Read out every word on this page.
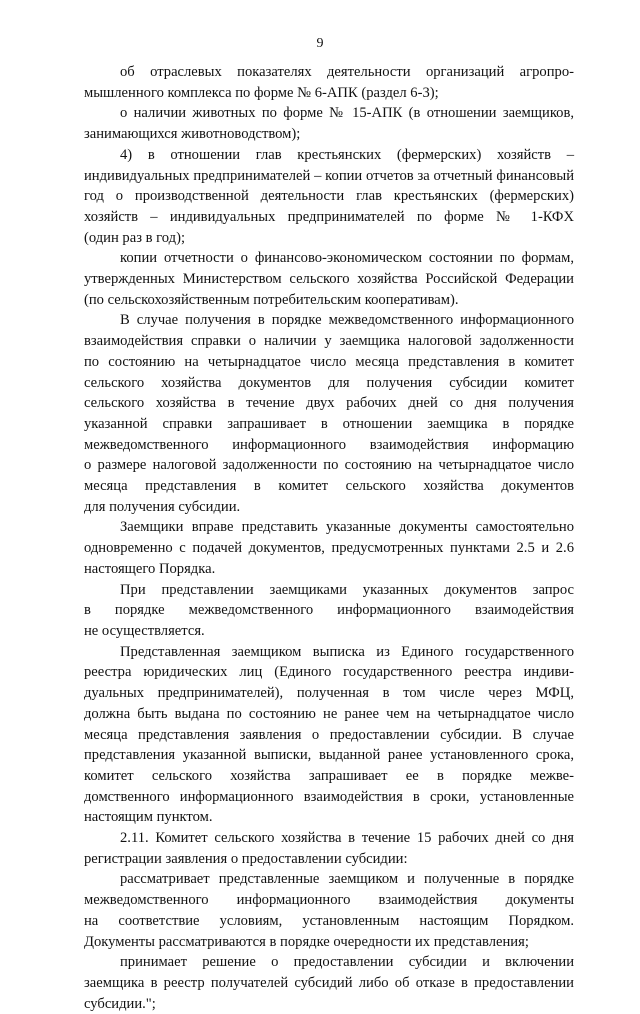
9

об отраслевых показателях деятельности организаций агропро-
мышленного комплекса по форме № 6-АПК (раздел 6-3);

о наличии животных по форме № 15-АПК (в отношении заемщиков,
занимающихся животноводством);

4) в отношении глав крестьянских (фермерских) хозяйств –
индивидуальных предпринимателей – копии отчетов за отчетный финансовый
год о производственной деятельности глав крестьянских (фермерских)
хозяйств – индивидуальных предпринимателей по форме № 1-КФХ
(один раз в год);

копии отчетности о финансово-экономическом состоянии по формам,
утвержденных Министерством сельского хозяйства Российской Федерации
(по сельскохозяйственным потребительским кооперативам).

В случае получения в порядке межведомственного информационного
взаимодействия справки о наличии у заемщика налоговой задолженности
по состоянию на четырнадцатое число месяца представления в комитет
сельского хозяйства документов для получения субсидии комитет
сельского хозяйства в течение двух рабочих дней со дня получения
указанной справки запрашивает в отношении заемщика в порядке
межведомственного информационного взаимодействия информацию
о размере налоговой задолженности по состоянию на четырнадцатое число
месяца представления в комитет сельского хозяйства документов
для получения субсидии.

Заемщики вправе представить указанные документы самостоятельно
одновременно с подачей документов, предусмотренных пунктами 2.5 и 2.6
настоящего Порядка.

При представлении заемщиками указанных документов запрос
в порядке межведомственного информационного взаимодействия
не осуществляется.

Представленная заемщиком выписка из Единого государственного
реестра юридических лиц (Единого государственного реестра индиви-
дуальных предпринимателей), полученная в том числе через МФЦ,
должна быть выдана по состоянию не ранее чем на четырнадцатое число
месяца представления заявления о предоставлении субсидии. В случае
представления указанной выписки, выданной ранее установленного срока,
комитет сельского хозяйства запрашивает ее в порядке межве-
домственного информационного взаимодействия в сроки, установленные
настоящим пунктом.

2.11. Комитет сельского хозяйства в течение 15 рабочих дней со дня
регистрации заявления о предоставлении субсидии:

рассматривает представленные заемщиком и полученные в порядке
межведомственного информационного взаимодействия документы
на соответствие условиям, установленным настоящим Порядком.
Документы рассматриваются в порядке очередности их представления;

принимает решение о предоставлении субсидии и включении
заемщика в реестр получателей субсидий либо об отказе в предоставлении
субсидии.";
